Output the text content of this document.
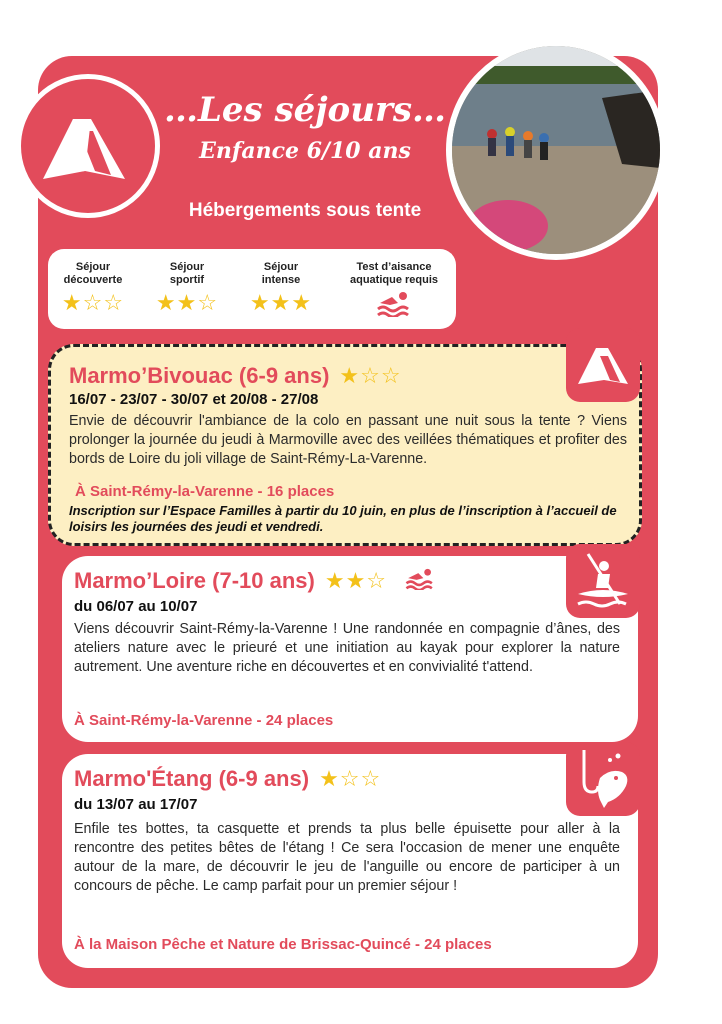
…Les séjours…
Enfance 6/10 ans
Hébergements sous tente
Séjour
découverte
★☆☆
Séjour
sportif
★★☆
Séjour
intense
★★★
Test d’aisance
aquatique requis
Marmo’Bivouac (6-9 ans) ★☆☆
16/07 - 23/07 - 30/07 et 20/08 - 27/08
Envie de découvrir l'ambiance de la colo en passant une nuit sous la tente ? Viens prolonger la journée du jeudi à Marmoville avec des veillées thématiques et profiter des bords de Loire du joli village de Saint-Rémy-La-Varenne.
À Saint-Rémy-la-Varenne - 16 places
Inscription sur l’Espace Familles à partir du 10 juin, en plus de l’inscription à l’accueil de loisirs les journées des jeudi et vendredi.
Marmo’Loire (7-10 ans) ★★☆
du 06/07 au 10/07
Viens découvrir Saint-Rémy-la-Varenne ! Une randonnée en compagnie d’ânes, des ateliers nature avec le prieuré et une initiation au kayak pour explorer la nature autrement. Une aventure riche en découvertes et en convivialité t'attend.
À Saint-Rémy-la-Varenne - 24 places
Marmo'Étang (6-9 ans) ★☆☆
du 13/07 au 17/07
Enfile tes bottes, ta casquette et prends ta plus belle épuisette pour aller à la rencontre des petites bêtes de l'étang ! Ce sera l'occasion de mener une enquête autour de la mare, de découvrir le jeu de l'anguille ou encore de participer à un concours de pêche. Le camp parfait pour un premier séjour !
À la Maison Pêche et Nature de Brissac-Quincé - 24 places
